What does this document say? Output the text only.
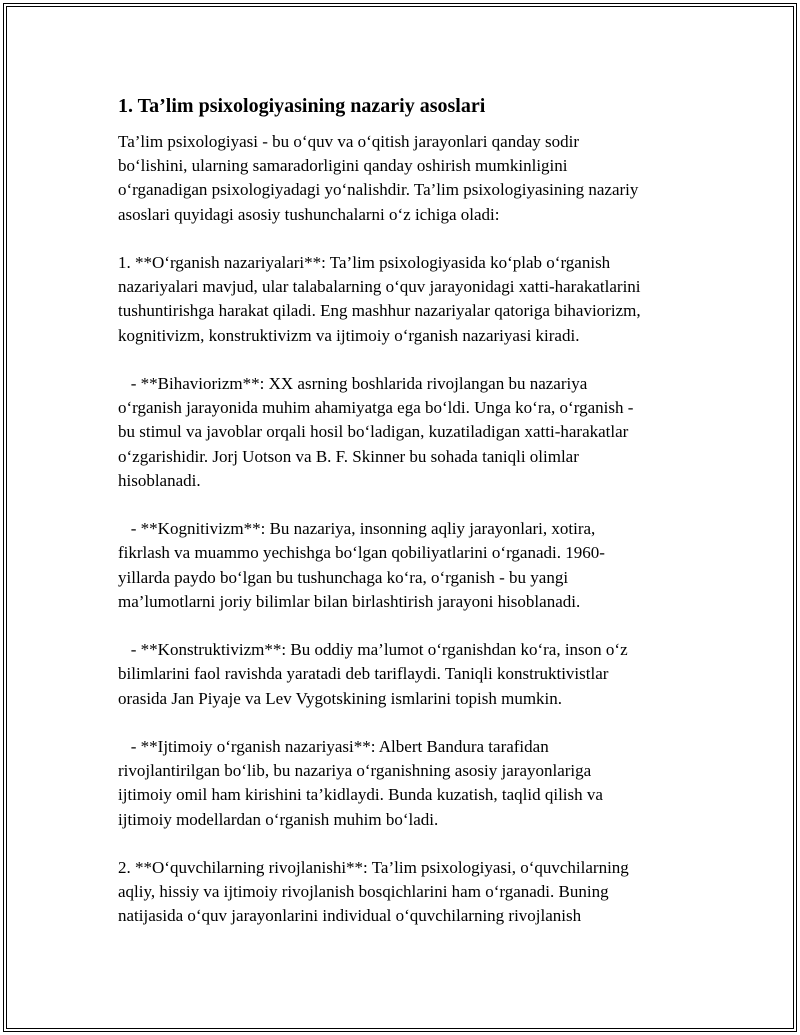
1. Ta’lim psixologiyasining nazariy asoslari
Ta’lim psixologiyasi - bu o‘quv va o‘qitish jarayonlari qanday sodir
bo‘lishini, ularning samaradorligini qanday oshirish mumkinligini
o‘rganadigan psixologiyadagi yo‘nalishdir. Ta’lim psixologiyasining nazariy
asoslari quyidagi asosiy tushunchalarni o‘z ichiga oladi:
1. **O‘rganish nazariyalari**: Ta’lim psixologiyasida ko‘plab o‘rganish
nazariyalari mavjud, ular talabalarning o‘quv jarayonidagi xatti-harakatlarini
tushuntirishga harakat qiladi. Eng mashhur nazariyalar qatoriga bihaviorizm,
kognitivizm, konstruktivizm va ijtimoiy o‘rganish nazariyasi kiradi.
- **Bihaviorizm**: XX asrning boshlarida rivojlangan bu nazariya
o‘rganish jarayonida muhim ahamiyatga ega bo‘ldi. Unga ko‘ra, o‘rganish -
bu stimul va javoblar orqali hosil bo‘ladigan, kuzatiladigan xatti-harakatlar
o‘zgarishidir. Jorj Uotson va B. F. Skinner bu sohada taniqli olimlar
hisoblanadi.
- **Kognitivizm**: Bu nazariya, insonning aqliy jarayonlari, xotira,
fikrlash va muammo yechishga bo‘lgan qobiliyatlarini o‘rganadi. 1960-
yillarda paydo bo‘lgan bu tushunchaga ko‘ra, o‘rganish - bu yangi
ma’lumotlarni joriy bilimlar bilan birlashtirish jarayoni hisoblanadi.
- **Konstruktivizm**: Bu oddiy ma’lumot o‘rganishdan ko‘ra, inson o‘z
bilimlarini faol ravishda yaratadi deb tariflaydi. Taniqli konstruktivistlar
orasida Jan Piyaje va Lev Vygotskining ismlarini topish mumkin.
- **Ijtimoiy o‘rganish nazariyasi**: Albert Bandura tarafidan
rivojlantirilgan bo‘lib, bu nazariya o‘rganishning asosiy jarayonlariga
ijtimoiy omil ham kirishini ta’kidlaydi. Bunda kuzatish, taqlid qilish va
ijtimoiy modellardan o‘rganish muhim bo‘ladi.
2. **O‘quvchilarning rivojlanishi**: Ta’lim psixologiyasi, o‘quvchilarning
aqliy, hissiy va ijtimoiy rivojlanish bosqichlarini ham o‘rganadi. Buning
natijasida o‘quv jarayonlarini individual o‘quvchilarning rivojlanish
